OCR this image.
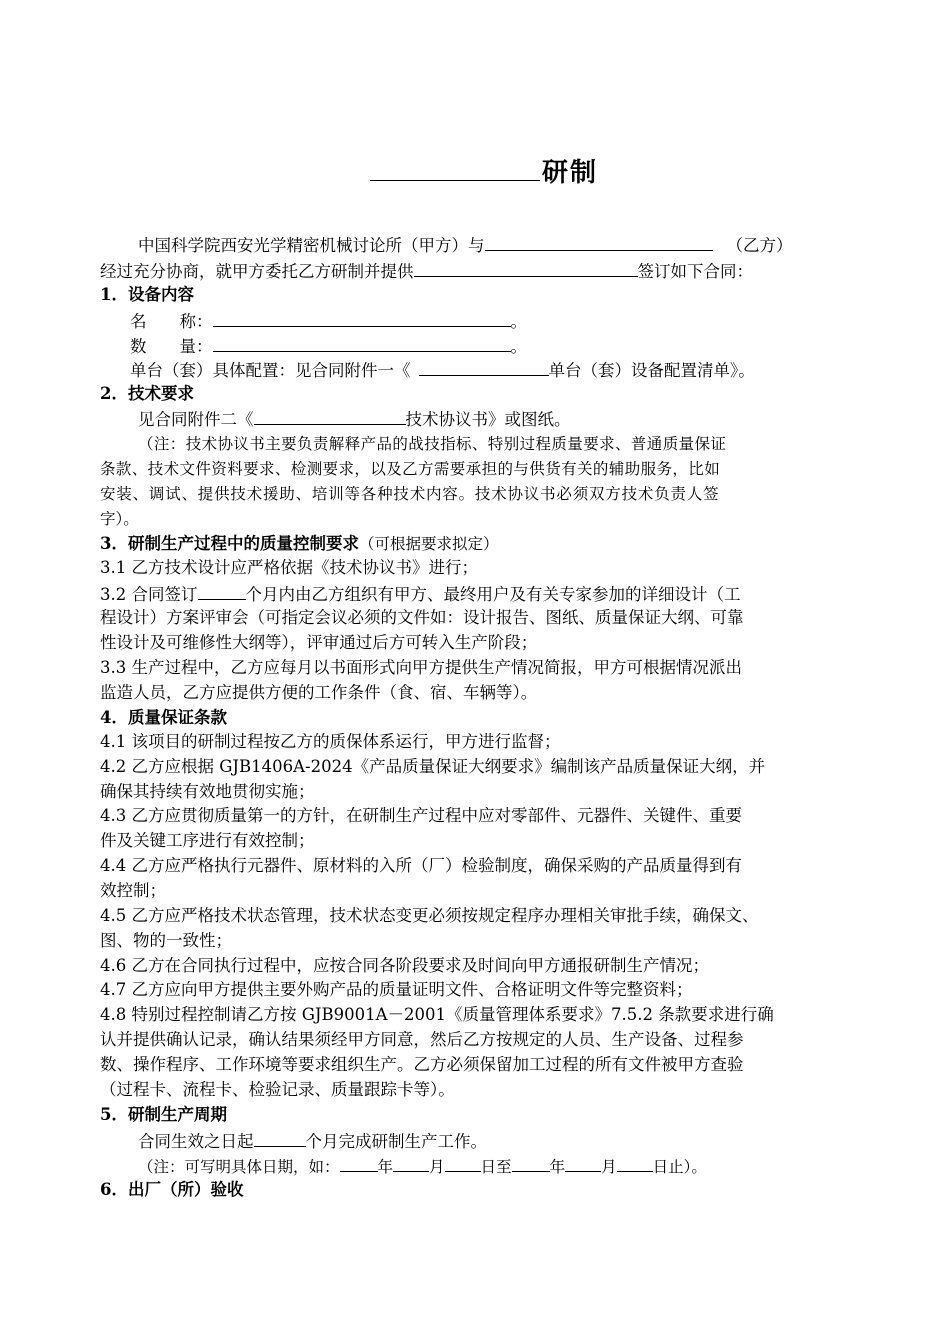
研制
中国科学院西安光学精密机械讨论所（甲方）与	（乙方）
经过充分协商，就甲方委托乙方研制并提供	签订如下合同：
1．设备内容
名　　称：	。
数　　量：	。
单台（套）具体配置：见合同附件一《	单台（套）设备配置清单》。
2．技术要求
见合同附件二《	技术协议书》或图纸。
（注：技术协议书主要负责解释产品的战技指标、特别过程质量要求、普通质量保证
条款、技术文件资料要求、检测要求，以及乙方需要承担的与供货有关的辅助服务，比如
安装、调试、提供技术援助、培训等各种技术内容。技术协议书必须双方技术负责人签
字）。
3．研制生产过程中的质量控制要求（可根据要求拟定）
3.1 乙方技术设计应严格依据《技术协议书》进行；
3.2 合同签订	个月内由乙方组织有甲方、最终用户及有关专家参加的详细设计（工
程设计）方案评审会（可指定会议必须的文件如：设计报告、图纸、质量保证大纲、可靠
性设计及可维修性大纲等），评审通过后方可转入生产阶段；
3.3 生产过程中，乙方应每月以书面形式向甲方提供生产情况简报，甲方可根据情况派出
监造人员，乙方应提供方便的工作条件（食、宿、车辆等）。
4．质量保证条款
4.1 该项目的研制过程按乙方的质保体系运行，甲方进行监督；
4.2 乙方应根据 GJB1406A-2024《产品质量保证大纲要求》编制该产品质量保证大纲，并
确保其持续有效地贯彻实施；
4.3 乙方应贯彻质量第一的方针，在研制生产过程中应对零部件、元器件、关键件、重要
件及关键工序进行有效控制；
4.4 乙方应严格执行元器件、原材料的入所（厂）检验制度，确保采购的产品质量得到有
效控制；
4.5 乙方应严格技术状态管理，技术状态变更必须按规定程序办理相关审批手续，确保文、
图、物的一致性；
4.6 乙方在合同执行过程中，应按合同各阶段要求及时间向甲方通报研制生产情况；
4.7 乙方应向甲方提供主要外购产品的质量证明文件、合格证明文件等完整资料；
4.8 特别过程控制请乙方按 GJB9001A－2001《质量管理体系要求》7.5.2 条款要求进行确
认并提供确认记录，确认结果须经甲方同意，然后乙方按规定的人员、生产设备、过程参
数、操作程序、工作环境等要求组织生产。乙方必须保留加工过程的所有文件被甲方查验
（过程卡、流程卡、检验记录、质量跟踪卡等）。
5．研制生产周期
合同生效之日起	个月完成研制生产工作。
（注：可写明具体日期，如： 年 月 日至 年 月 日止）。
6．出厂（所）验收
